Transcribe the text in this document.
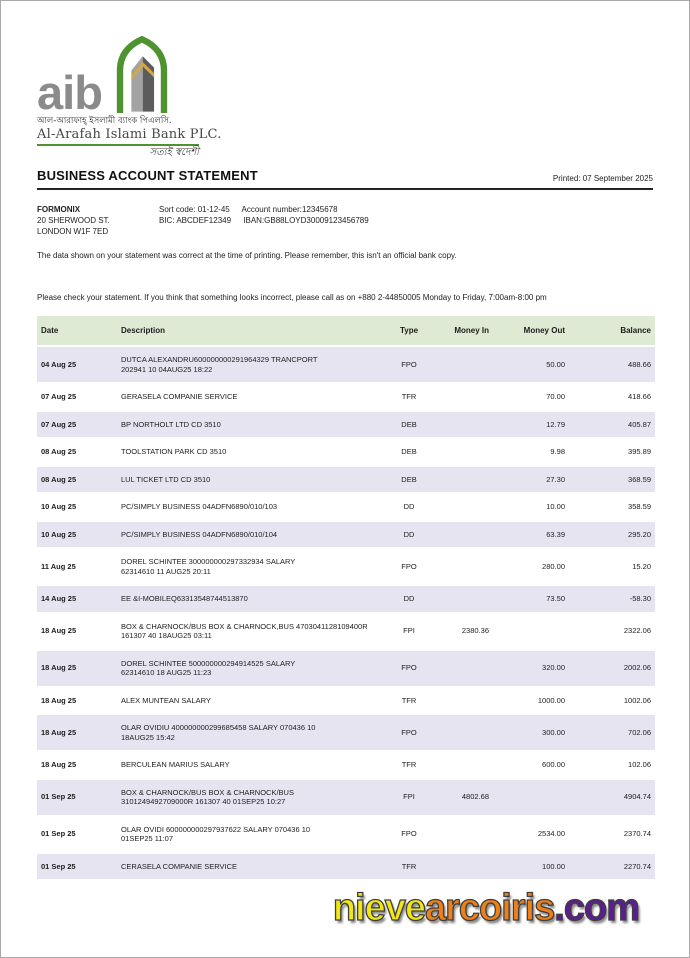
aib
আল-আরাফাহ্ ইসলামী ব্যাংক পিএলসি.
Al-Arafah Islami Bank PLC.
সত্যই স্বদেশী
BUSINESS ACCOUNT STATEMENT	Printed: 07 September 2025
FORMONIX
20 SHERWOOD ST.
LONDON W1F 7ED
Sort code: 01-12-45 Account number:12345678
BIC: ABCDEF12349 IBAN:GB88LOYD30009123456789
The data shown on your statement was correct at the time of printing. Please remember, this isn't an official bank copy.
Please check your statement. If you think that something looks incorrect, please call as on +880 2-44850005 Monday to Friday, 7:00am-8:00 pm
Date	Description	Type	Money In	Money Out	Balance
04 Aug 25	DUTCA ALEXANDRU600000000291964329 TRANCPORT
202941 10 04AUG25 18:22	FPO		50.00	488.66
07 Aug 25	GERASELA COMPANIE SERVICE	TFR		70.00	418.66
07 Aug 25	BP NORTHOLT LTD CD 3510	DEB		12.79	405.87
08 Aug 25	TOOLSTATION PARK CD 3510	DEB		9.98	395.89
08 Aug 25	LUL TICKET LTD CD 3510	DEB		27.30	368.59
10 Aug 25	PC/SIMPLY BUSINESS 04ADFN6890/010/103	DD		10.00	358.59
10 Aug 25	PC/SIMPLY BUSINESS 04ADFN6890/010/104	DD		63.39	295.20
11 Aug 25	DOREL SCHINTEE 300000000297332934 SALARY
62314610 11 AUG25 20:11	FPO		280.00	15.20
14 Aug 25	EE &I-MOBILEQ63313548744513870	DD		73.50	-58.30
18 Aug 25	BOX & CHARNOCK/BUS BOX & CHARNOCK,BUS 4703041128109400R
161307 40 18AUG25 03:11	FPI	2380.36		2322.06
18 Aug 25	DOREL SCHINTEE 500000000294914525 SALARY
62314610 18 AUG25 11:23	FPO		320.00	2002.06
18 Aug 25	ALEX MUNTEAN SALARY	TFR		1000.00	1002.06
18 Aug 25	OLAR OVIDIU 400000000299685458 SALARY 070436 10
18AUG25 15:42	FPO		300.00	702.06
18 Aug 25	BERCULEAN MARIUS SALARY	TFR		600.00	102.06
01 Sep 25	BOX & CHARNOCK/BUS BOX & CHARNOCK/BUS
3101249492709000R 161307 40 01SEP25 10:27	FPI	4802.68		4904.74
01 Sep 25	OLAR OVIDI 600000000297937622 SALARY 070436 10
01SEP25 11:07	FPO		2534.00	2370.74
01 Sep 25	CERASELA COMPANIE SERVICE	TFR		100.00	2270.74
nievearcoiris.com
